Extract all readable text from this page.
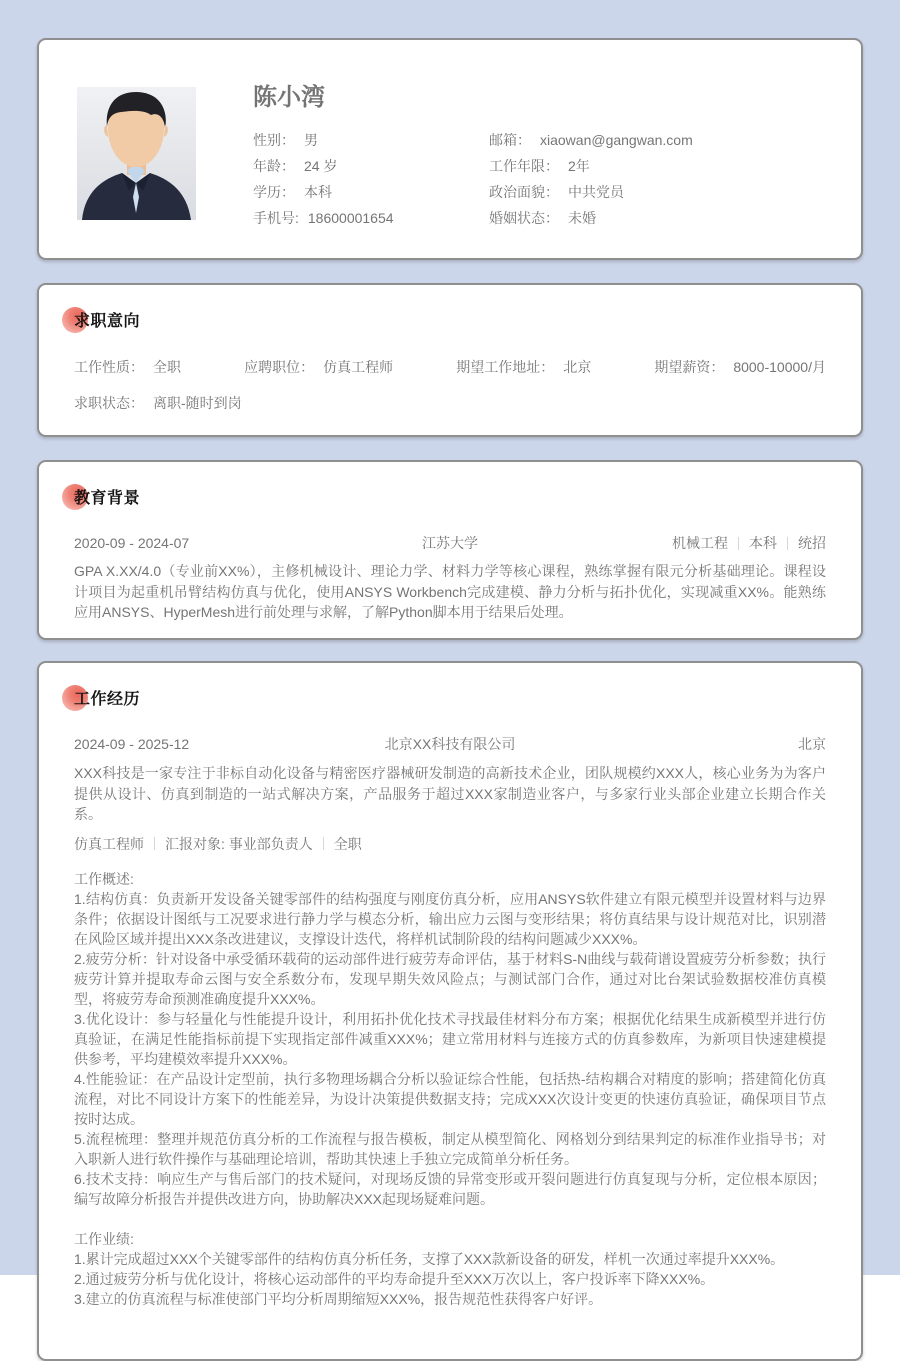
陈小湾
性别： 男	邮箱： xiaowan@gangwan.com
年龄： 24 岁	工作年限： 2年
学历： 本科	政治面貌： 中共党员
手机号: 18600001654	婚姻状态： 未婚
求职意向
工作性质： 全职	应聘职位： 仿真工程师	期望工作地址： 北京	期望薪资： 8000-10000/月
求职状态： 离职-随时到岗
教育背景
2020-09 - 2024-07	江苏大学	机械工程 本科 统招

GPA X.XX/4.0（专业前XX%），主修机械设计、理论力学、材料力学等核心课程，熟练掌握有限元分析基础理论。课程设计项目为起重机吊臂结构仿真与优化，使用ANSYS Workbench完成建模、静力分析与拓扑优化，实现减重XX%。能熟练应用ANSYS、HyperMesh进行前处理与求解，了解Python脚本用于结果后处理。

工作经历
2024-09 - 2025-12	北京XX科技有限公司	北京

XXX科技是一家专注于非标自动化设备与精密医疗器械研发制造的高新技术企业，团队规模约XXX人，核心业务为为客户提供从设计、仿真到制造的一站式解决方案，产品服务于超过XXX家制造业客户，与多家行业头部企业建立长期合作关系。

仿真工程师 汇报对象: 事业部负责人 全职
工作概述:
1.结构仿真：负责新开发设备关键零部件的结构强度与刚度仿真分析，应用ANSYS软件建立有限元模型并设置材料与边界条件；依据设计图纸与工况要求进行静力学与模态分析，输出应力云图与变形结果；将仿真结果与设计规范对比，识别潜在风险区域并提出XXX条改进建议，支撑设计迭代，将样机试制阶段的结构问题减少XXX%。
2.疲劳分析：针对设备中承受循环载荷的运动部件进行疲劳寿命评估，基于材料S-N曲线与载荷谱设置疲劳分析参数；执行疲劳计算并提取寿命云图与安全系数分布，发现早期失效风险点；与测试部门合作，通过对比台架试验数据校准仿真模型，将疲劳寿命预测准确度提升XXX%。
3.优化设计：参与轻量化与性能提升设计，利用拓扑优化技术寻找最佳材料分布方案；根据优化结果生成新模型并进行仿真验证，在满足性能指标前提下实现指定部件减重XXX%；建立常用材料与连接方式的仿真参数库，为新项目快速建模提供参考，平均建模效率提升XXX%。
4.性能验证：在产品设计定型前，执行多物理场耦合分析以验证综合性能，包括热-结构耦合对精度的影响；搭建简化仿真流程，对比不同设计方案下的性能差异，为设计决策提供数据支持；完成XXX次设计变更的快速仿真验证，确保项目节点按时达成。
5.流程梳理：整理并规范仿真分析的工作流程与报告模板，制定从模型简化、网格划分到结果判定的标准作业指导书；对入职新人进行软件操作与基础理论培训，帮助其快速上手独立完成简单分析任务。
6.技术支持：响应生产与售后部门的技术疑问，对现场反馈的异常变形或开裂问题进行仿真复现与分析，定位根本原因；编写故障分析报告并提供改进方向，协助解决XXX起现场疑难问题。
工作业绩:
1.累计完成超过XXX个关键零部件的结构仿真分析任务，支撑了XXX款新设备的研发，样机一次通过率提升XXX%。
2.通过疲劳分析与优化设计，将核心运动部件的平均寿命提升至XXX万次以上，客户投诉率下降XXX%。
3.建立的仿真流程与标准使部门平均分析周期缩短XXX%，报告规范性获得客户好评。
